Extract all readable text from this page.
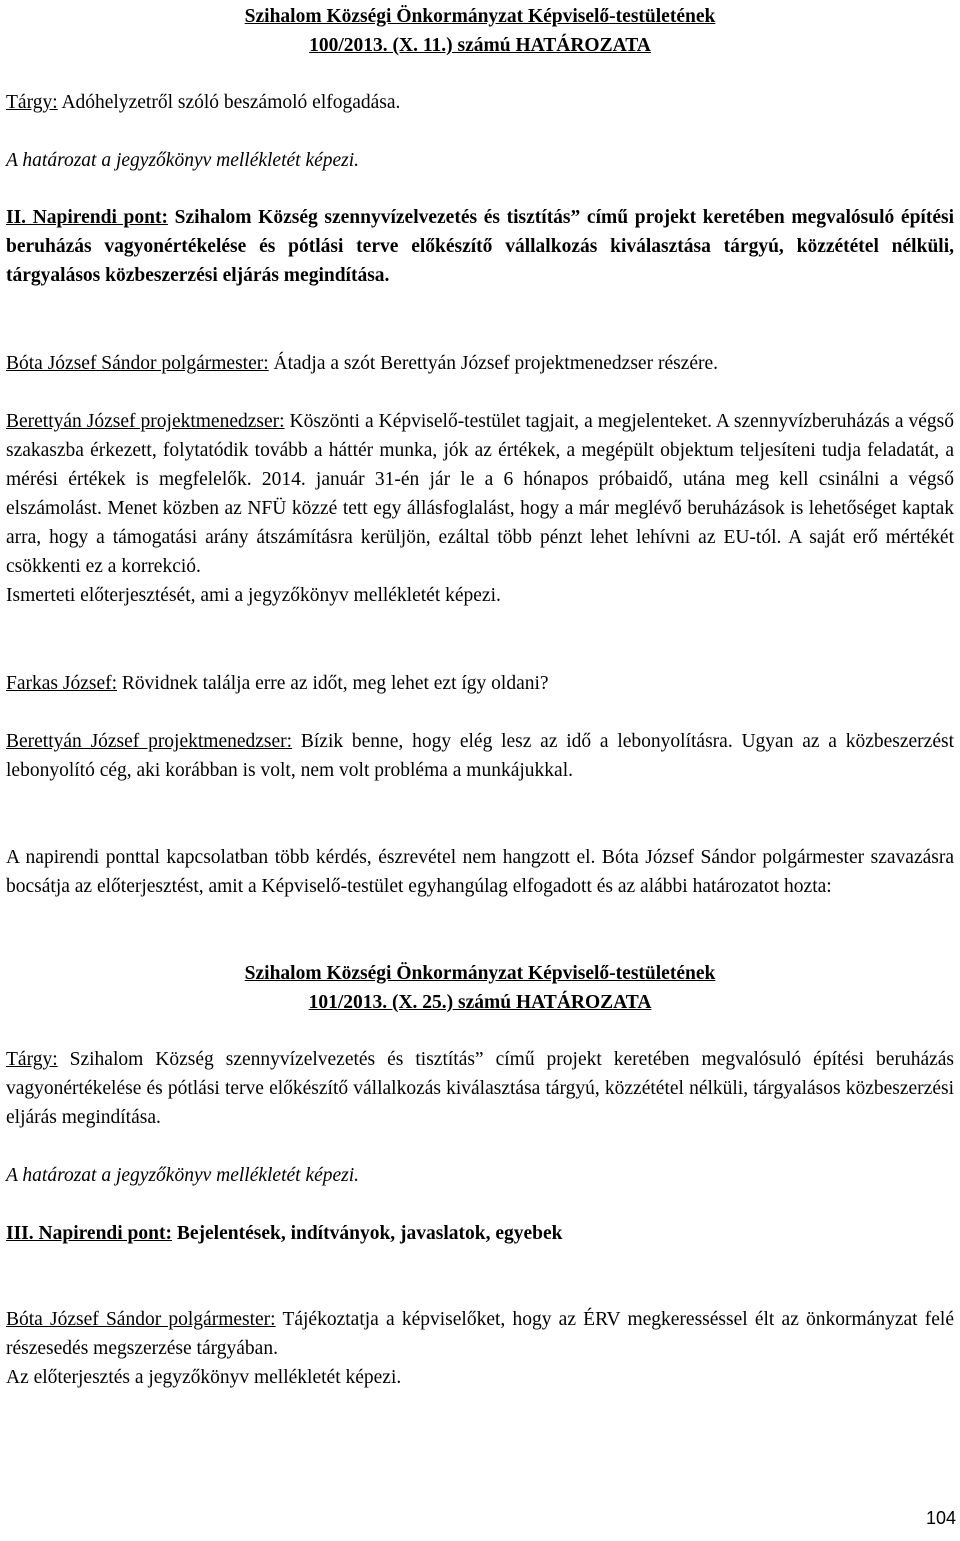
Szihalom Községi Önkormányzat Képviselő-testületének

100/2013. (X. 11.) számú HATÁROZATA

Tárgy: Adóhelyzetről szóló beszámoló elfogadása.

A határozat a jegyzőkönyv mellékletét képezi.

II. Napirendi pont: Szihalom Község szennyvízelvezetés és tisztítás” című projekt keretében megvalósuló építési beruházás vagyonértékelése és pótlási terve előkészítő vállalkozás kiválasztása tárgyú, közzététel nélküli, tárgyalásos közbeszerzési eljárás megindítása.

Bóta József Sándor polgármester: Átadja a szót Berettyán József projektmenedzser részére.

Berettyán József projektmenedzser: Köszönti a Képviselő-testület tagjait, a megjelenteket. A szennyvízberuházás a végső szakaszba érkezett, folytatódik tovább a háttér munka, jók az értékek, a megépült objektum teljesíteni tudja feladatát, a mérési értékek is megfelelők. 2014. január 31-én jár le a 6 hónapos próbaidő, utána meg kell csinálni a végső elszámolást. Menet közben az NFÜ közzé tett egy állásfoglalást, hogy a már meglévő beruházások is lehetőséget kaptak arra, hogy a támogatási arány átszámításra kerüljön, ezáltal több pénzt lehet lehívni az EU-tól. A saját erő mértékét csökkenti ez a korrekció.

Ismerteti előterjesztését, ami a jegyzőkönyv mellékletét képezi.

Farkas József: Rövidnek találja erre az időt, meg lehet ezt így oldani?

Berettyán József projektmenedzser: Bízik benne, hogy elég lesz az idő a lebonyolításra. Ugyan az a közbeszerzést lebonyolító cég, aki korábban is volt, nem volt probléma a munkájukkal.

A napirendi ponttal kapcsolatban több kérdés, észrevétel nem hangzott el. Bóta József Sándor polgármester szavazásra bocsátja az előterjesztést, amit a Képviselő-testület egyhangúlag elfogadott és az alábbi határozatot hozta:

Szihalom Községi Önkormányzat Képviselő-testületének

101/2013. (X. 25.) számú HATÁROZATA

Tárgy: Szihalom Község szennyvízelvezetés és tisztítás” című projekt keretében megvalósuló építési beruházás vagyonértékelése és pótlási terve előkészítő vállalkozás kiválasztása tárgyú, közzététel nélküli, tárgyalásos közbeszerzési eljárás megindítása.

A határozat a jegyzőkönyv mellékletét képezi.

III. Napirendi pont: Bejelentések, indítványok, javaslatok, egyebek

Bóta József Sándor polgármester: Tájékoztatja a képviselőket, hogy az ÉRV megkeresséssel élt az önkormányzat felé részesedés megszerzése tárgyában.

Az előterjesztés a jegyzőkönyv mellékletét képezi.

104
